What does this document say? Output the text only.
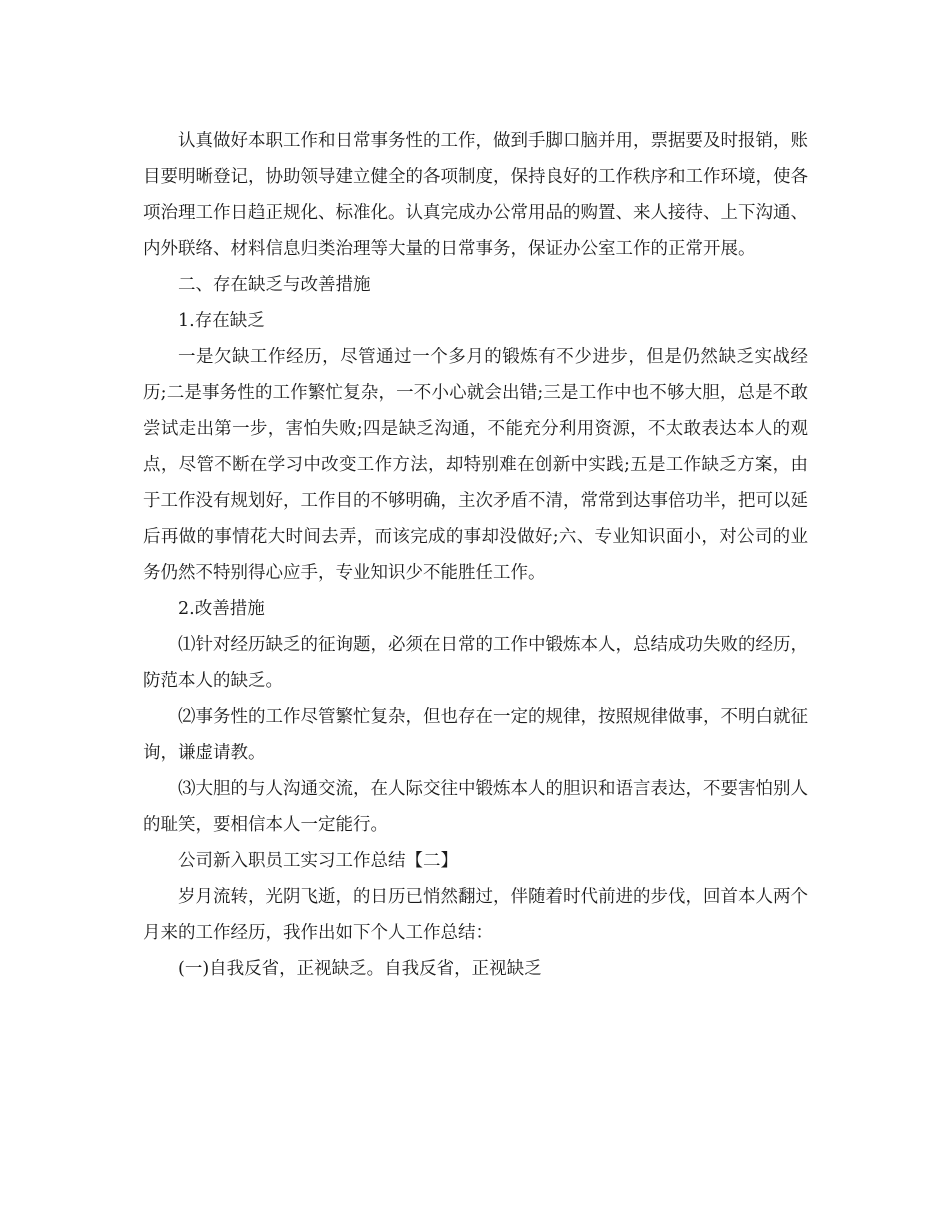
认真做好本职工作和日常事务性的工作，做到手脚口脑并用，票据要及时报销，账目要明晰登记，协助领导建立健全的各项制度，保持良好的工作秩序和工作环境，使各项治理工作日趋正规化、标准化。认真完成办公常用品的购置、来人接待、上下沟通、内外联络、材料信息归类治理等大量的日常事务，保证办公室工作的正常开展。

二、存在缺乏与改善措施

1.存在缺乏

一是欠缺工作经历，尽管通过一个多月的锻炼有不少进步，但是仍然缺乏实战经历;二是事务性的工作繁忙复杂，一不小心就会出错;三是工作中也不够大胆，总是不敢尝试走出第一步，害怕失败;四是缺乏沟通，不能充分利用资源，不太敢表达本人的观点，尽管不断在学习中改变工作方法，却特别难在创新中实践;五是工作缺乏方案，由于工作没有规划好，工作目的不够明确，主次矛盾不清，常常到达事倍功半，把可以延后再做的事情花大时间去弄，而该完成的事却没做好;六、专业知识面小，对公司的业务仍然不特别得心应手，专业知识少不能胜任工作。

2.改善措施

⑴针对经历缺乏的征询题，必须在日常的工作中锻炼本人，总结成功失败的经历，防范本人的缺乏。

⑵事务性的工作尽管繁忙复杂，但也存在一定的规律，按照规律做事，不明白就征询，谦虚请教。

⑶大胆的与人沟通交流，在人际交往中锻炼本人的胆识和语言表达，不要害怕别人的耻笑，要相信本人一定能行。

公司新入职员工实习工作总结【二】

岁月流转，光阴飞逝，的日历已悄然翻过，伴随着时代前进的步伐，回首本人两个月来的工作经历，我作出如下个人工作总结：

(一)自我反省，正视缺乏。自我反省，正视缺乏
